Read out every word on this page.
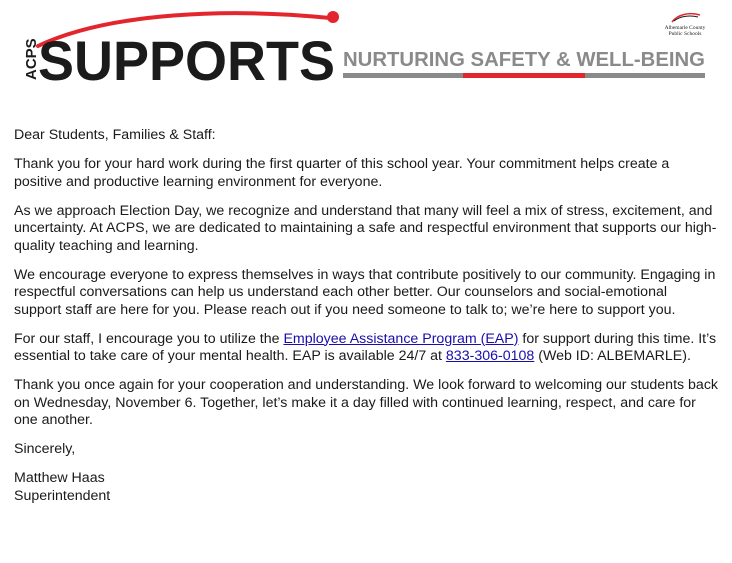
ACPS
SUPPORTS NURTURING SAFETY & WELL-BEING
Albemarle County
Public Schools

Dear Students, Families & Staff:

Thank you for your hard work during the first quarter of this school year. Your commitment helps create a positive and productive learning environment for everyone.

As we approach Election Day, we recognize and understand that many will feel a mix of stress, excitement, and uncertainty. At ACPS, we are dedicated to maintaining a safe and respectful environment that supports our high-quality teaching and learning.

We encourage everyone to express themselves in ways that contribute positively to our community. Engaging in respectful conversations can help us understand each other better. Our counselors and social-emotional support staff are here for you. Please reach out if you need someone to talk to; we’re here to support you.

For our staff, I encourage you to utilize the Employee Assistance Program (EAP) for support during this time. It’s essential to take care of your mental health. EAP is available 24/7 at 833-306-0108 (Web ID: ALBEMARLE).

Thank you once again for your cooperation and understanding. We look forward to welcoming our students back on Wednesday, November 6. Together, let’s make it a day filled with continued learning, respect, and care for one another.

Sincerely,

Matthew Haas

Superintendent
